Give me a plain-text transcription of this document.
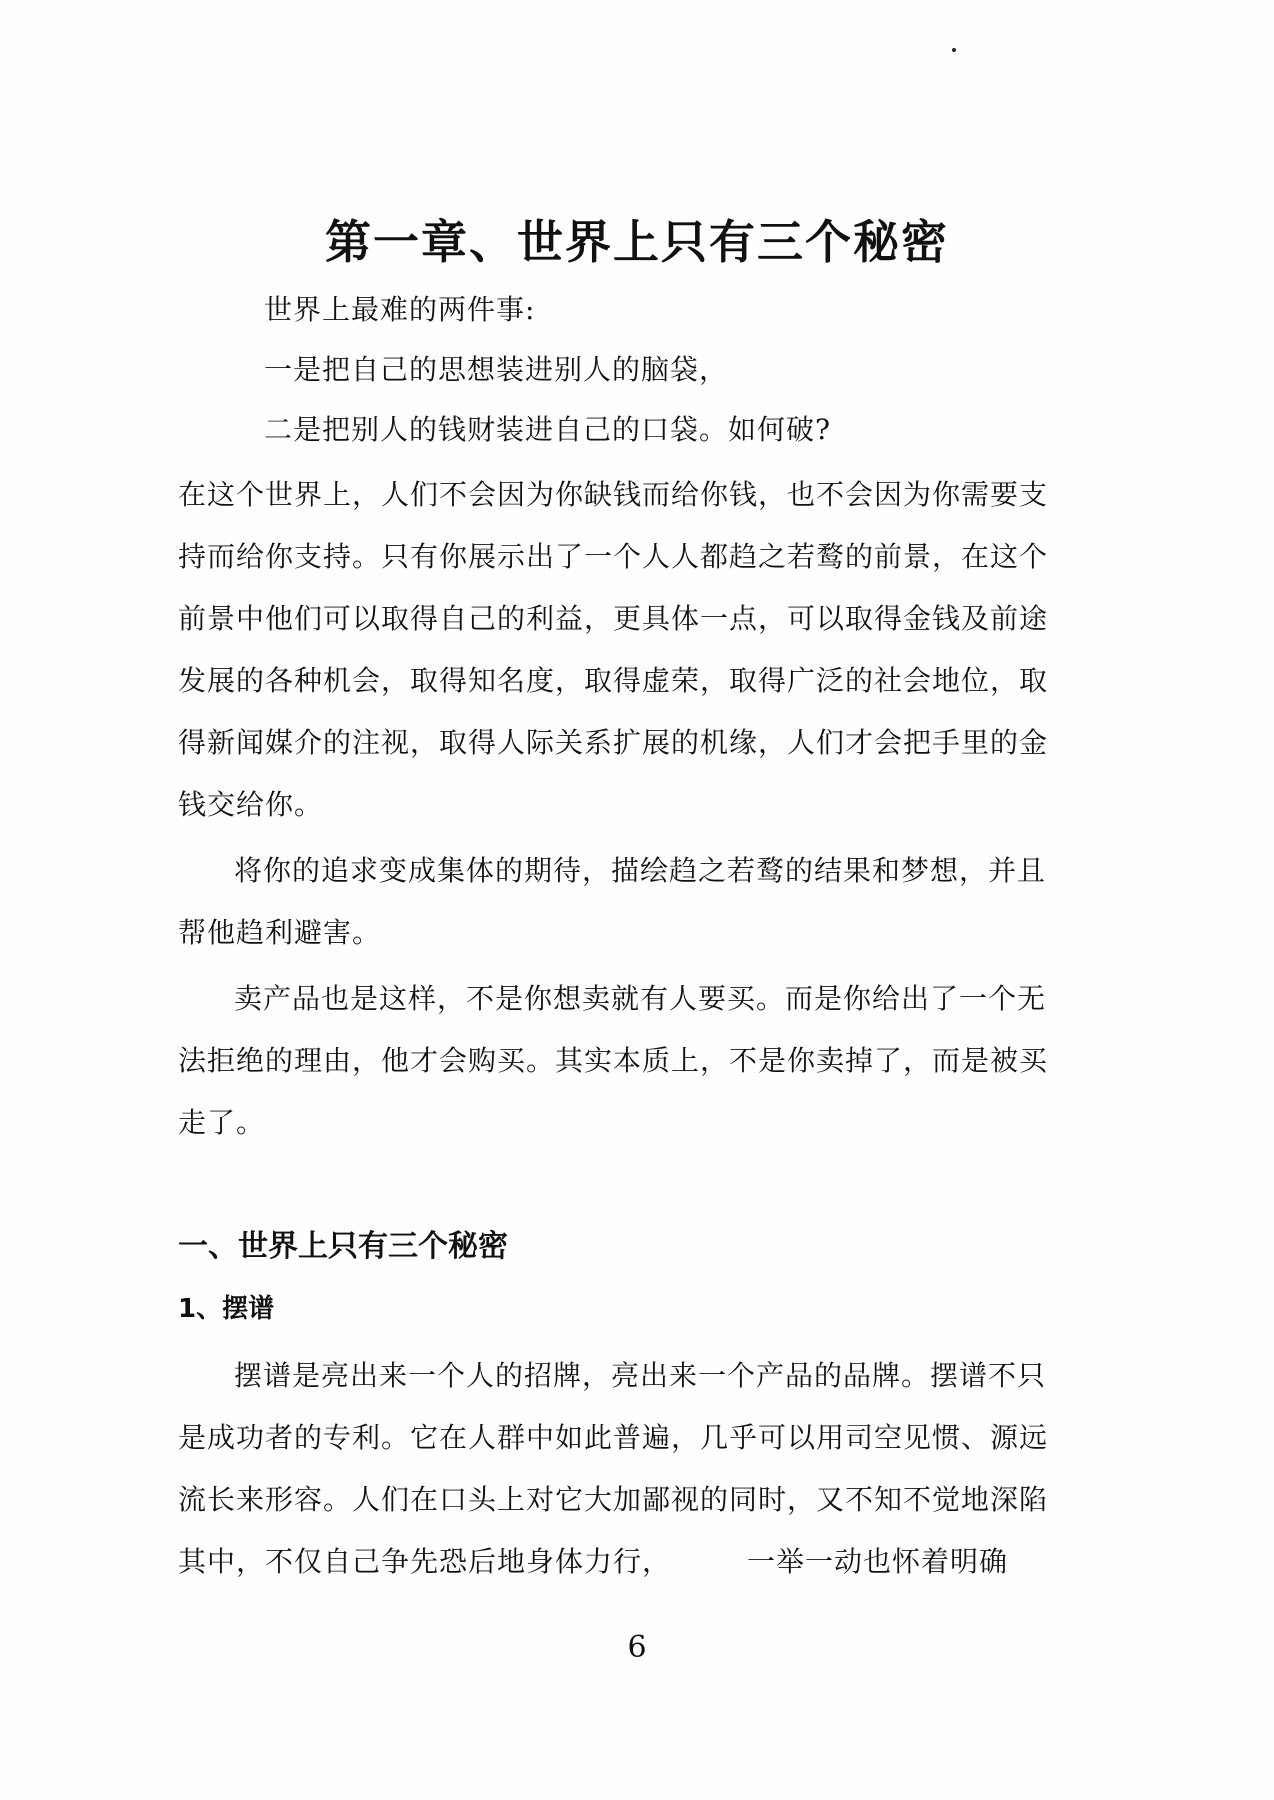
第一章、世界上只有三个秘密

世界上最难的两件事:

一是把自己的思想装进别人的脑袋，

二是把别人的钱财装进自己的口袋。如何破?

在这个世界上，人们不会因为你缺钱而给你钱，也不会因为你需要支

持而给你支持。只有你展示出了一个人人都趋之若鹜的前景，在这个

前景中他们可以取得自己的利益，更具体一点，可以取得金钱及前途

发展的各种机会，取得知名度，取得虚荣，取得广泛的社会地位，取

得新闻媒介的注视，取得人际关系扩展的机缘，人们才会把手里的金

钱交给你。

将你的追求变成集体的期待，描绘趋之若鹜的结果和梦想，并且

帮他趋利避害。

卖产品也是这样，不是你想卖就有人要买。而是你给出了一个无

法拒绝的理由，他才会购买。其实本质上，不是你卖掉了，而是被买

走了。

一、世界上只有三个秘密
1、摆谱

摆谱是亮出来一个人的招牌，亮出来一个产品的品牌。摆谱不只

是成功者的专利。它在人群中如此普遍，几乎可以用司空见惯、源远

流长来形容。人们在口头上对它大加鄙视的同时，又不知不觉地深陷

其中，不仅自己争先恐后地身体力行，	一举一动也怀着明确

6
